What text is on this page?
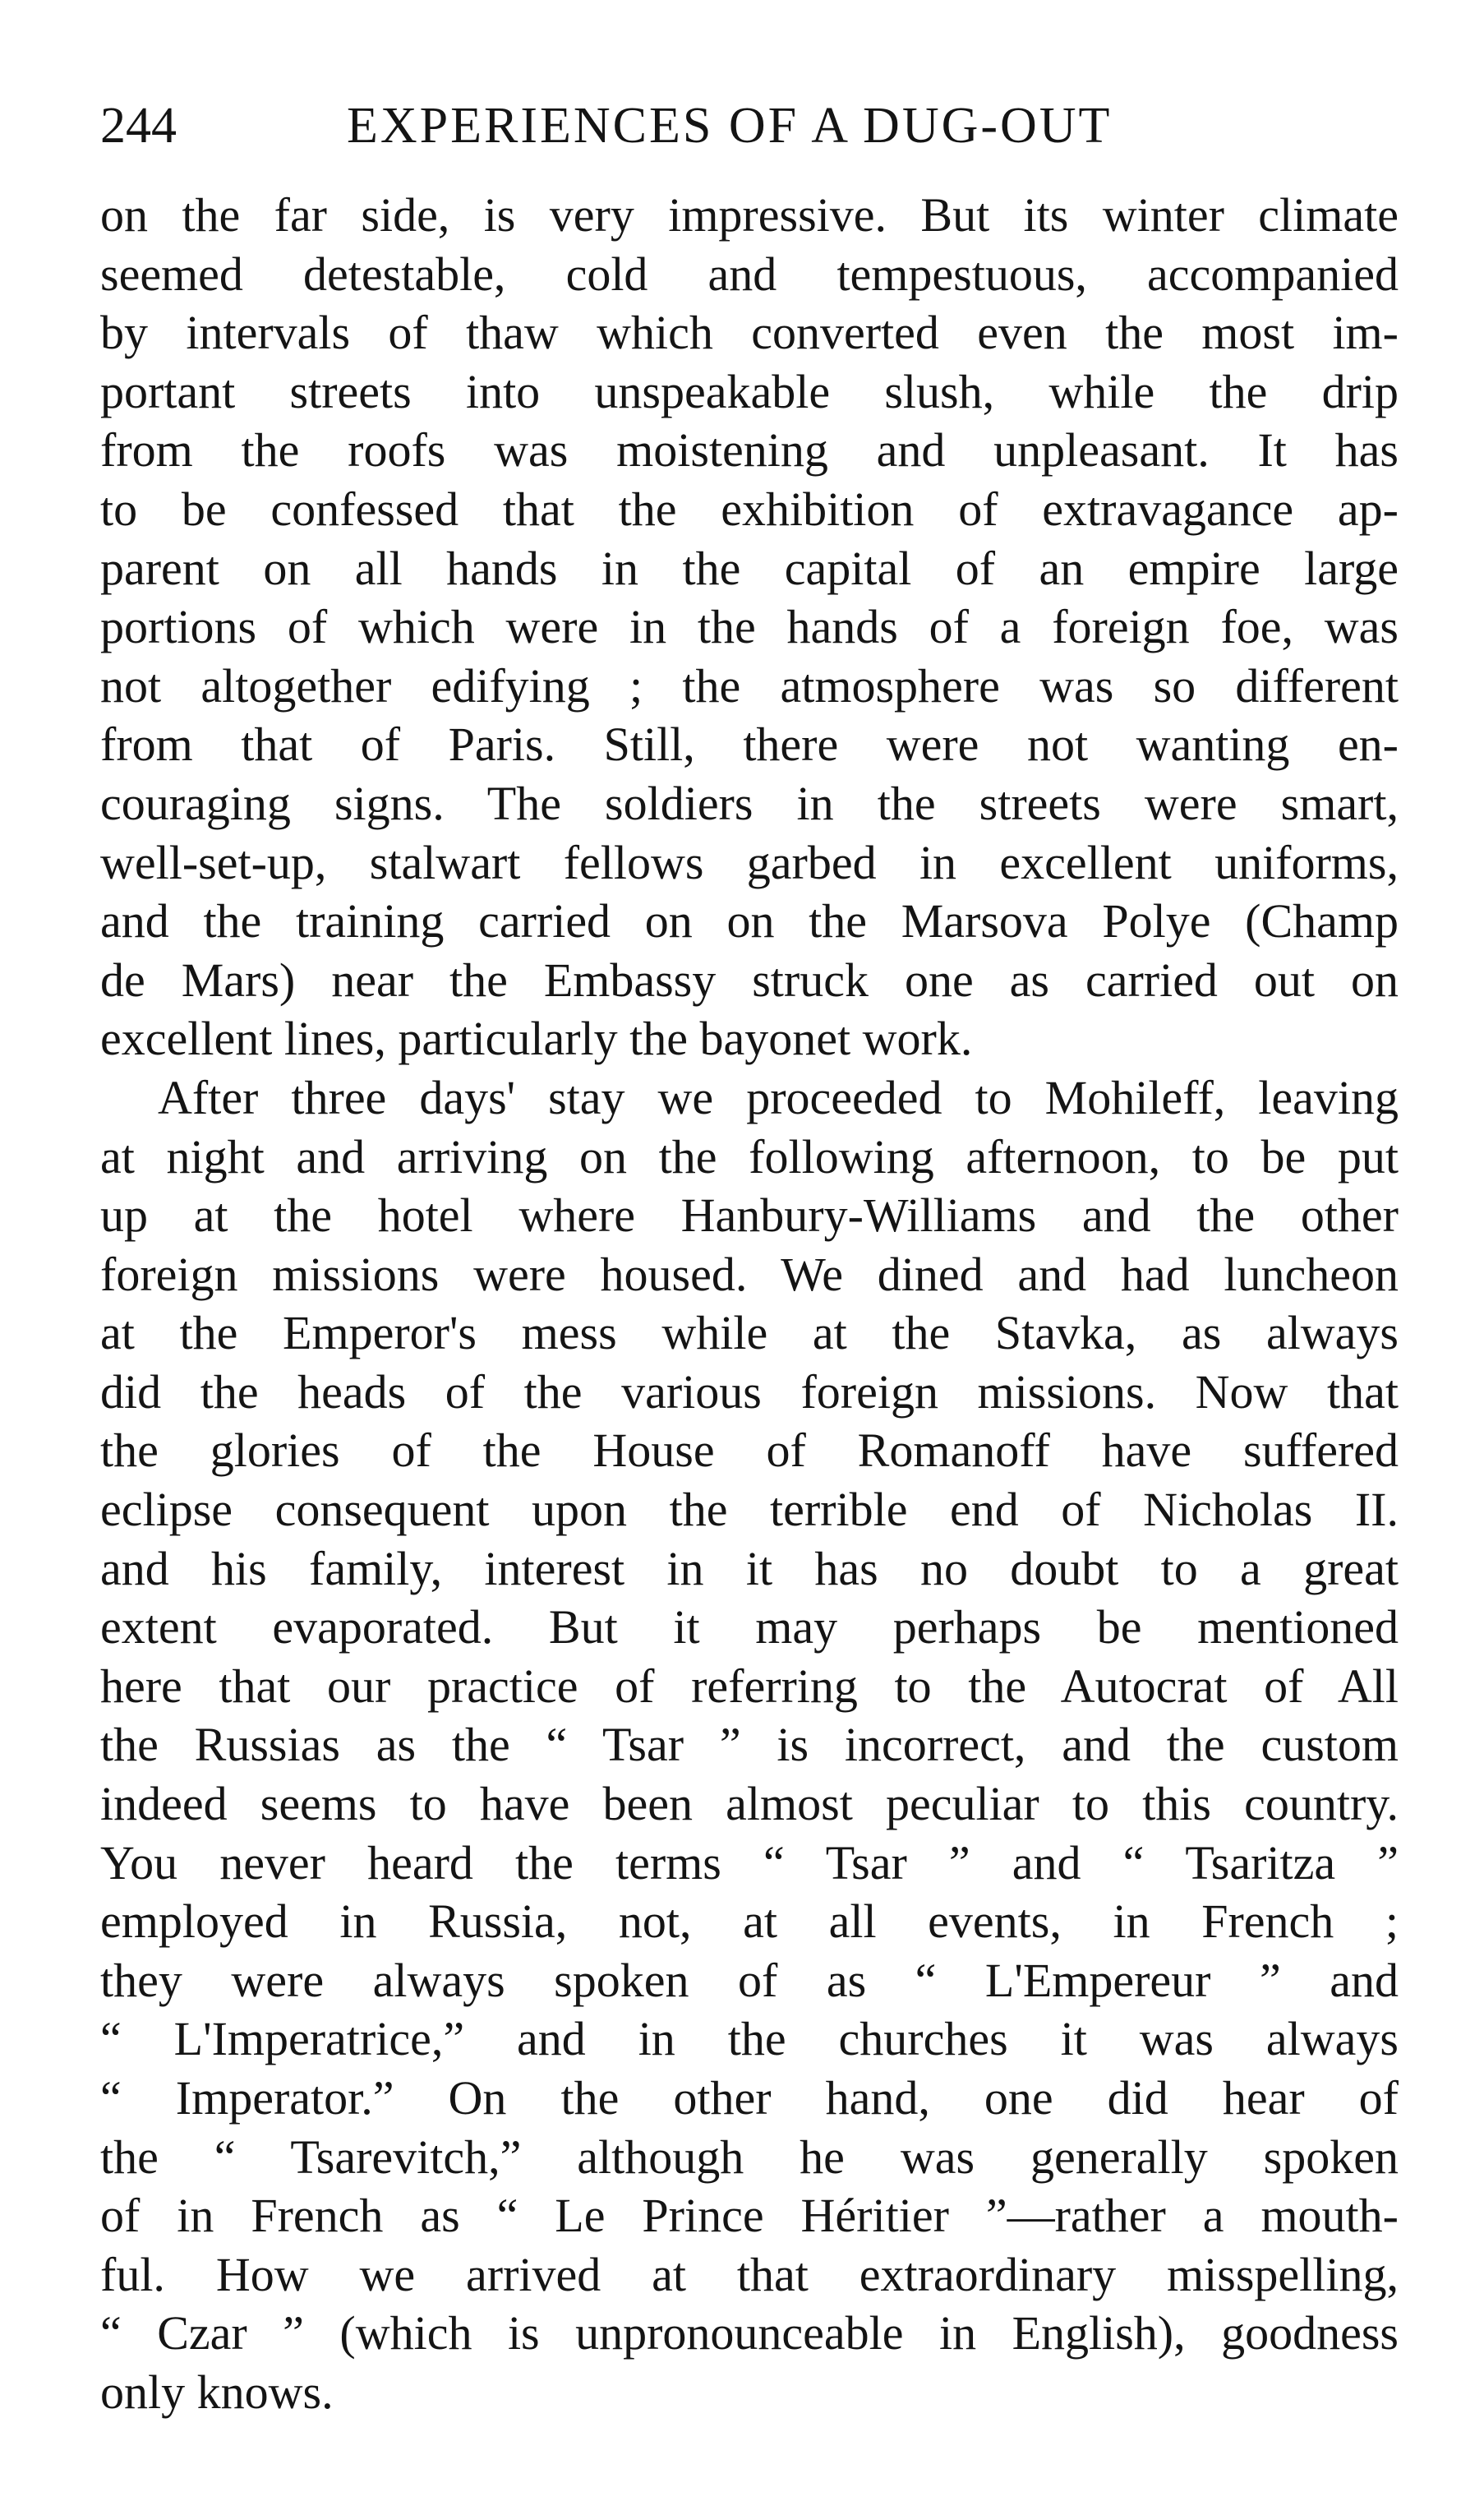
244	EXPERIENCES OF A DUG-OUT
on the far side, is very impressive. But its winter climate
seemed detestable, cold and tempestuous, accompanied
by intervals of thaw which converted even the most im-
portant streets into unspeakable slush, while the drip
from the roofs was moistening and unpleasant. It has
to be confessed that the exhibition of extravagance ap-
parent on all hands in the capital of an empire large
portions of which were in the hands of a foreign foe, was
not altogether edifying ; the atmosphere was so different
from that of Paris. Still, there were not wanting en-
couraging signs. The soldiers in the streets were smart,
well-set-up, stalwart fellows garbed in excellent uniforms,
and the training carried on on the Marsova Polye (Champ
de Mars) near the Embassy struck one as carried out on
excellent lines, particularly the bayonet work.
After three days' stay we proceeded to Mohileff, leaving
at night and arriving on the following afternoon, to be put
up at the hotel where Hanbury-Williams and the other
foreign missions were housed. We dined and had luncheon
at the Emperor's mess while at the Stavka, as always
did the heads of the various foreign missions. Now that
the glories of the House of Romanoff have suffered
eclipse consequent upon the terrible end of Nicholas II.
and his family, interest in it has no doubt to a great
extent evaporated. But it may perhaps be mentioned
here that our practice of referring to the Autocrat of All
the Russias as the “ Tsar ” is incorrect, and the custom
indeed seems to have been almost peculiar to this country.
You never heard the terms “ Tsar ” and “ Tsaritza ”
employed in Russia, not, at all events, in French ;
they were always spoken of as “ L'Empereur ” and
“ L'Imperatrice,” and in the churches it was always
“ Imperator.” On the other hand, one did hear of
the “ Tsarevitch,” although he was generally spoken
of in French as “ Le Prince Héritier ”—rather a mouth-
ful. How we arrived at that extraordinary misspelling,
“ Czar ” (which is unpronounceable in English), goodness
only knows.
